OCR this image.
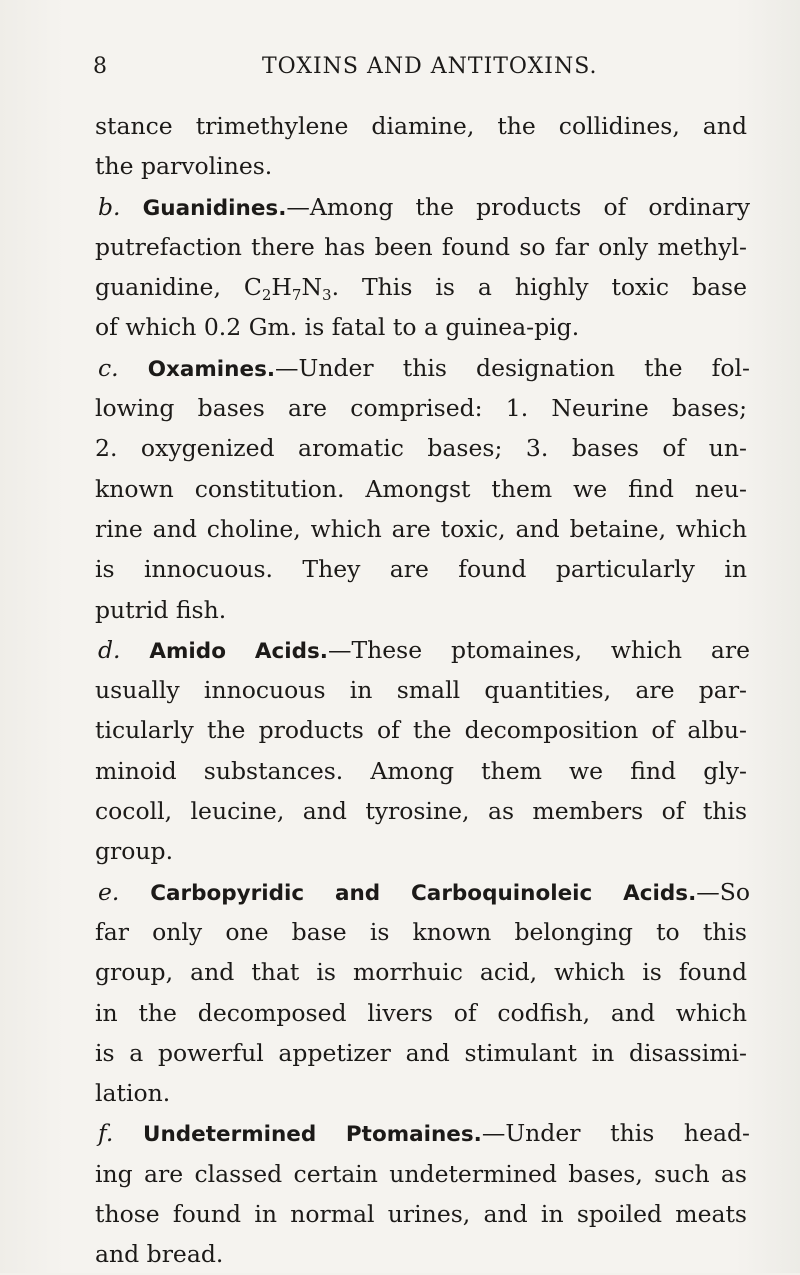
8	TOXINS AND ANTITOXINS.
stance trimethylene diamine, the collidines, and
the parvolines.
b. Guanidines.—Among the products of ordinary
putrefaction there has been found so far only methyl-
guanidine, $C_2H_7N_3$. This is a highly toxic base
of which 0.2 Gm. is fatal to a guinea-pig.
c. Oxamines.—Under this designation the fol-
lowing bases are comprised: 1. Neurine bases;
2. oxygenized aromatic bases; 3. bases of un-
known constitution. Amongst them we find neu-
rine and choline, which are toxic, and betaine, which
is innocuous. They are found particularly in
putrid fish.
d. Amido Acids.—These ptomaines, which are
usually innocuous in small quantities, are par-
ticularly the products of the decomposition of albu-
minoid substances. Among them we find gly-
cocoll, leucine, and tyrosine, as members of this
group.
e. Carbopyridic and Carboquinoleic Acids.—So
far only one base is known belonging to this
group, and that is morrhuic acid, which is found
in the decomposed livers of codfish, and which
is a powerful appetizer and stimulant in disassimi-
lation.
f. Undetermined Ptomaines.—Under this head-
ing are classed certain undetermined bases, such as
those found in normal urines, and in spoiled meats
and bread.
